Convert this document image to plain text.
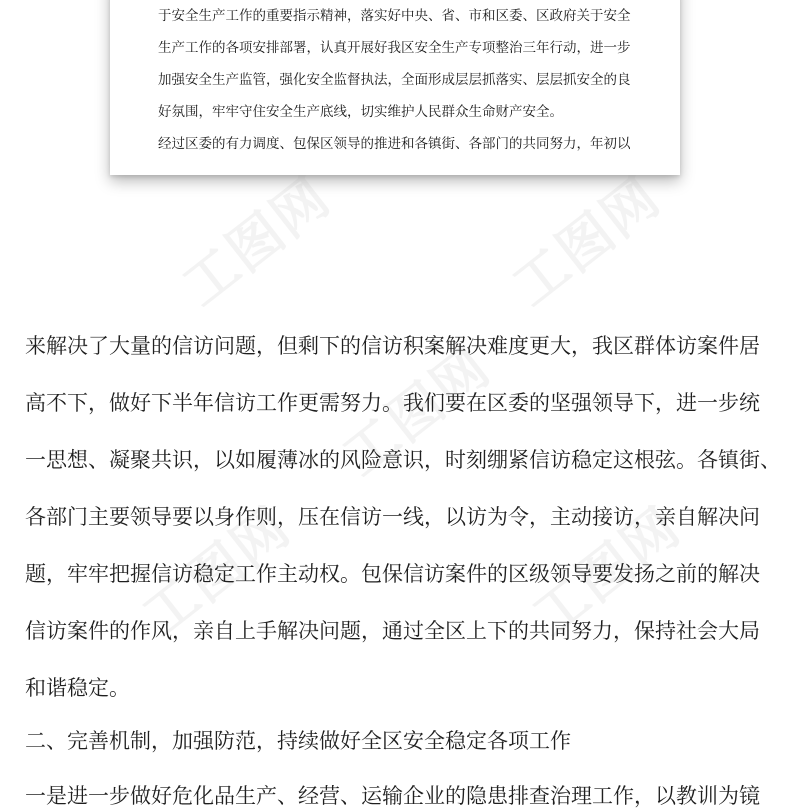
于安全生产工作的重要指示精神，落实好中央、省、市和区委、区政府关于安全
生产工作的各项安排部署，认真开展好我区安全生产专项整治三年行动，进一步
加强安全生产监管，强化安全监督执法，全面形成层层抓落实、层层抓安全的良
好氛围，牢牢守住安全生产底线，切实维护人民群众生命财产安全。
经过区委的有力调度、包保区领导的推进和各镇街、各部门的共同努力，年初以
工图网	工图网
工图网
工图网	工图网
来解决了大量的信访问题，但剩下的信访积案解决难度更大，我区群体访案件居
高不下，做好下半年信访工作更需努力。我们要在区委的坚强领导下，进一步统
一思想、凝聚共识，以如履薄冰的风险意识，时刻绷紧信访稳定这根弦。各镇街、
各部门主要领导要以身作则，压在信访一线，以访为令，主动接访，亲自解决问
题，牢牢把握信访稳定工作主动权。包保信访案件的区级领导要发扬之前的解决
信访案件的作风，亲自上手解决问题，通过全区上下的共同努力，保持社会大局
和谐稳定。
二、完善机制，加强防范，持续做好全区安全稳定各项工作
一是进一步做好危化品生产、经营、运输企业的隐患排查治理工作，以教训为镜
